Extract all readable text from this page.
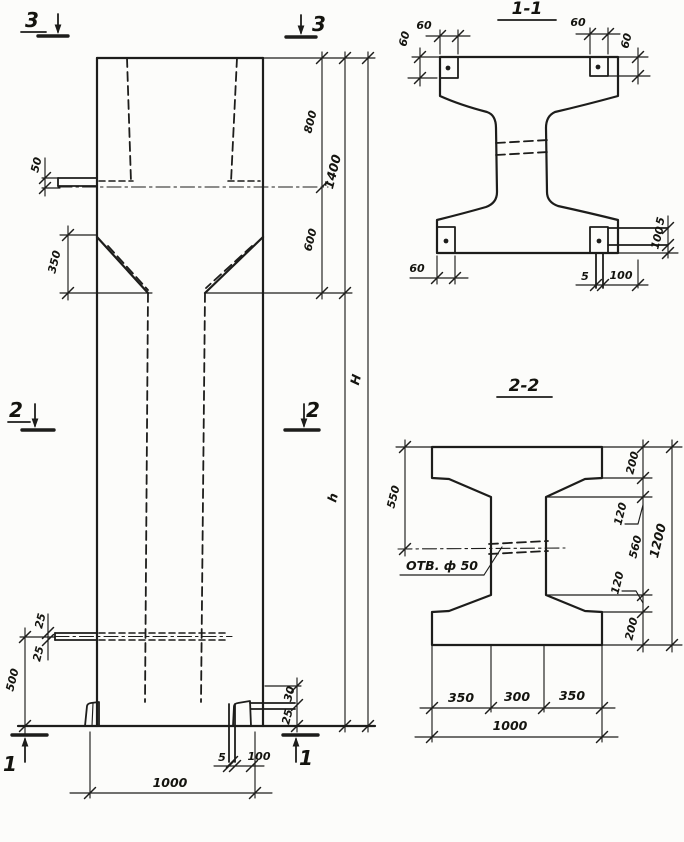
800
600
1400
h
H
50
350
25
25
500
30
25
5 100
1000
3	3
2	2
1	1
1-1
60
60	60
60
60
5 100
5
100
2-2
ОТВ. ф 50
550
200
120
560
120
200
1200
350 300 350
1000
